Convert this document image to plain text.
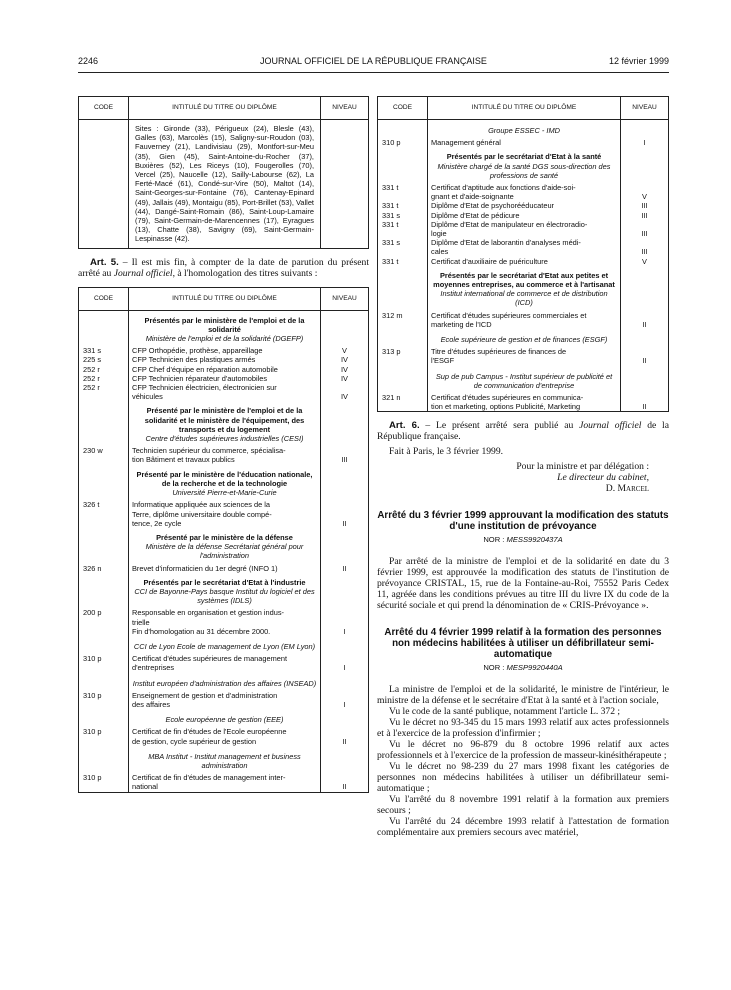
2246	JOURNAL OFFICIEL DE LA RÉPUBLIQUE FRANÇAISE	12 février 1999
CODE	INTITULÉ DU TITRE OU DIPLÔME	NIVEAU
	Sites : Gironde (33), Périgueux (24), Blesle (43), Galles (63), Marcolès (15), Saligny-sur-Roudon (03), Fauverney (21), Landivisiau (29), Montfort-sur-Meu (35), Gien (45), Saint-Antoine-du-Rocher (37), Buxières (52), Les Riceys (10), Fougerolles (70), Vercel (25), Naucelle (12), Sailly-Labourse (62), La Ferté-Macé (61), Condé-sur-Vire (50), Maltot (14), Saint-Georges-sur-Fontaine (76), Cantenay-Epinard (49), Jallais (49), Montaigu (85), Port-Brillet (53), Vallet (44), Dangé-Saint-Romain (86), Saint-Loup-Lamaire (79), Saint-Germain-de-Marencennes (17), Eyragues (13), Chatte (38), Savigny (69), Saint-Germain-Lespinasse (42).	

Art. 5. – Il est mis fin, à compter de la date de parution du présent arrêté au Journal officiel, à l'homologation des titres suivants :

CODE	INTITULÉ DU TITRE OU DIPLÔME	NIVEAU

	Présentés par le ministère de l'emploi et de la solidarité
Ministère de l'emploi et de la solidarité (DGEFP)	

331 s	CFP Orthopédie, prothèse, appareillage	V

225 s	CFP Technicien des plastiques armés	IV

252 r	CFP Chef d'équipe en réparation automobile	IV

252 r	CFP Technicien réparateur d'automobiles	IV

252 r	CFP Technicien électricien, électronicien sur
véhicules	IV

	Présenté par le ministère de l'emploi et de la solidarité et le ministère de l'équipement, des transports et du logement
Centre d'études supérieures industrielles (CESI)	

230 w	Technicien supérieur du commerce, spécialisa-
tion Bâtiment et travaux publics	III

	Présenté par le ministère de l'éducation nationale, de la recherche et de la technologie
Université Pierre-et-Marie-Curie	

326 t	Informatique appliquée aux sciences de la
Terre, diplôme universitaire double compé-
tence, 2e cycle	II

	Présenté par le ministère de la défense
Ministère de la défense Secrétariat général pour l'administration	

326 n	Brevet d'informaticien du 1er degré (INFO 1)	II

	Présentés par le secrétariat d'Etat à l'industrie
CCI de Bayonne-Pays basque Institut du logiciel et des systèmes (IDLS)	

200 p	Responsable en organisation et gestion indus-
trielle
Fin d'homologation au 31 décembre 2000.	I

	CCI de Lyon Ecole de management de Lyon (EM Lyon)	

310 p	Certificat d'études supérieures de management
d'entreprises	I

	Institut européen d'administration des affaires (INSEAD)	

310 p	Enseignement de gestion et d'administration
des affaires	I

	Ecole européenne de gestion (EEE)	

310 p	Certificat de fin d'études de l'Ecole européenne
de gestion, cycle supérieur de gestion	II

	MBA Institut - Institut management et business administration	

310 p	Certificat de fin d'études de management inter-
national	II
CODE	INTITULÉ DU TITRE OU DIPLÔME	NIVEAU

	Groupe ESSEC - IMD	

310 p	Management général	I

	Présentés par le secrétariat d'Etat à la santé
Ministère chargé de la santé DGS sous-direction des professions de santé	

331 t	Certificat d'aptitude aux fonctions d'aide-soi-
gnant et d'aide-soignante	V

331 t	Diplôme d'Etat de psychorééducateur	III

331 s	Diplôme d'Etat de pédicure	III

331 t	Diplôme d'Etat de manipulateur en électroradio-
logie	III

331 s	Diplôme d'Etat de laborantin d'analyses médi-
cales	III

331 t	Certificat d'auxiliaire de puériculture	V

	Présentés par le secrétariat d'Etat aux petites et moyennes entreprises, au commerce et à l'artisanat
Institut international de commerce et de distribution (ICD)	

312 m	Certificat d'études supérieures commerciales et
marketing de l'ICD	II

	Ecole supérieure de gestion et de finances (ESGF)	

313 p	Titre d'études supérieures de finances de
l'ESGF	II

	Sup de pub Campus - Institut supérieur de publicité et de communication d'entreprise	

321 n	Certificat d'études supérieures en communica-
tion et marketing, options Publicité, Marketing	II

Art. 6. – Le présent arrêté sera publié au Journal officiel de la République française.

Fait à Paris, le 3 février 1999.

Pour la ministre et par délégation :
Le directeur du cabinet,
D. Marcel

Arrêté du 3 février 1999 approuvant la modification des statuts d'une institution de prévoyance

NOR : MESS9920437A

Par arrêté de la ministre de l'emploi et de la solidarité en date du 3 février 1999, est approuvée la modification des statuts de l'institution de prévoyance CRISTAL, 15, rue de la Fontaine-au-Roi, 75552 Paris Cedex 11, agréée dans les conditions prévues au titre III du livre IX du code de la sécurité sociale et qui prend la dénomination de « CRIS-Prévoyance ».

Arrêté du 4 février 1999 relatif à la formation des personnes non médecins habilitées à utiliser un défibrillateur semi-automatique

NOR : MESP9920440A

La ministre de l'emploi et de la solidarité, le ministre de l'intérieur, le ministre de la défense et le secrétaire d'Etat à la santé et à l'action sociale,

Vu le code de la santé publique, notamment l'article L. 372 ;

Vu le décret no 93-345 du 15 mars 1993 relatif aux actes professionnels et à l'exercice de la profession d'infirmier ;

Vu le décret no 96-879 du 8 octobre 1996 relatif aux actes professionnels et à l'exercice de la profession de masseur-kinésithérapeute ;

Vu le décret no 98-239 du 27 mars 1998 fixant les catégories de personnes non médecins habilitées à utiliser un défibrillateur semi-automatique ;

Vu l'arrêté du 8 novembre 1991 relatif à la formation aux premiers secours ;

Vu l'arrêté du 24 décembre 1993 relatif à l'attestation de formation complémentaire aux premiers secours avec matériel,
